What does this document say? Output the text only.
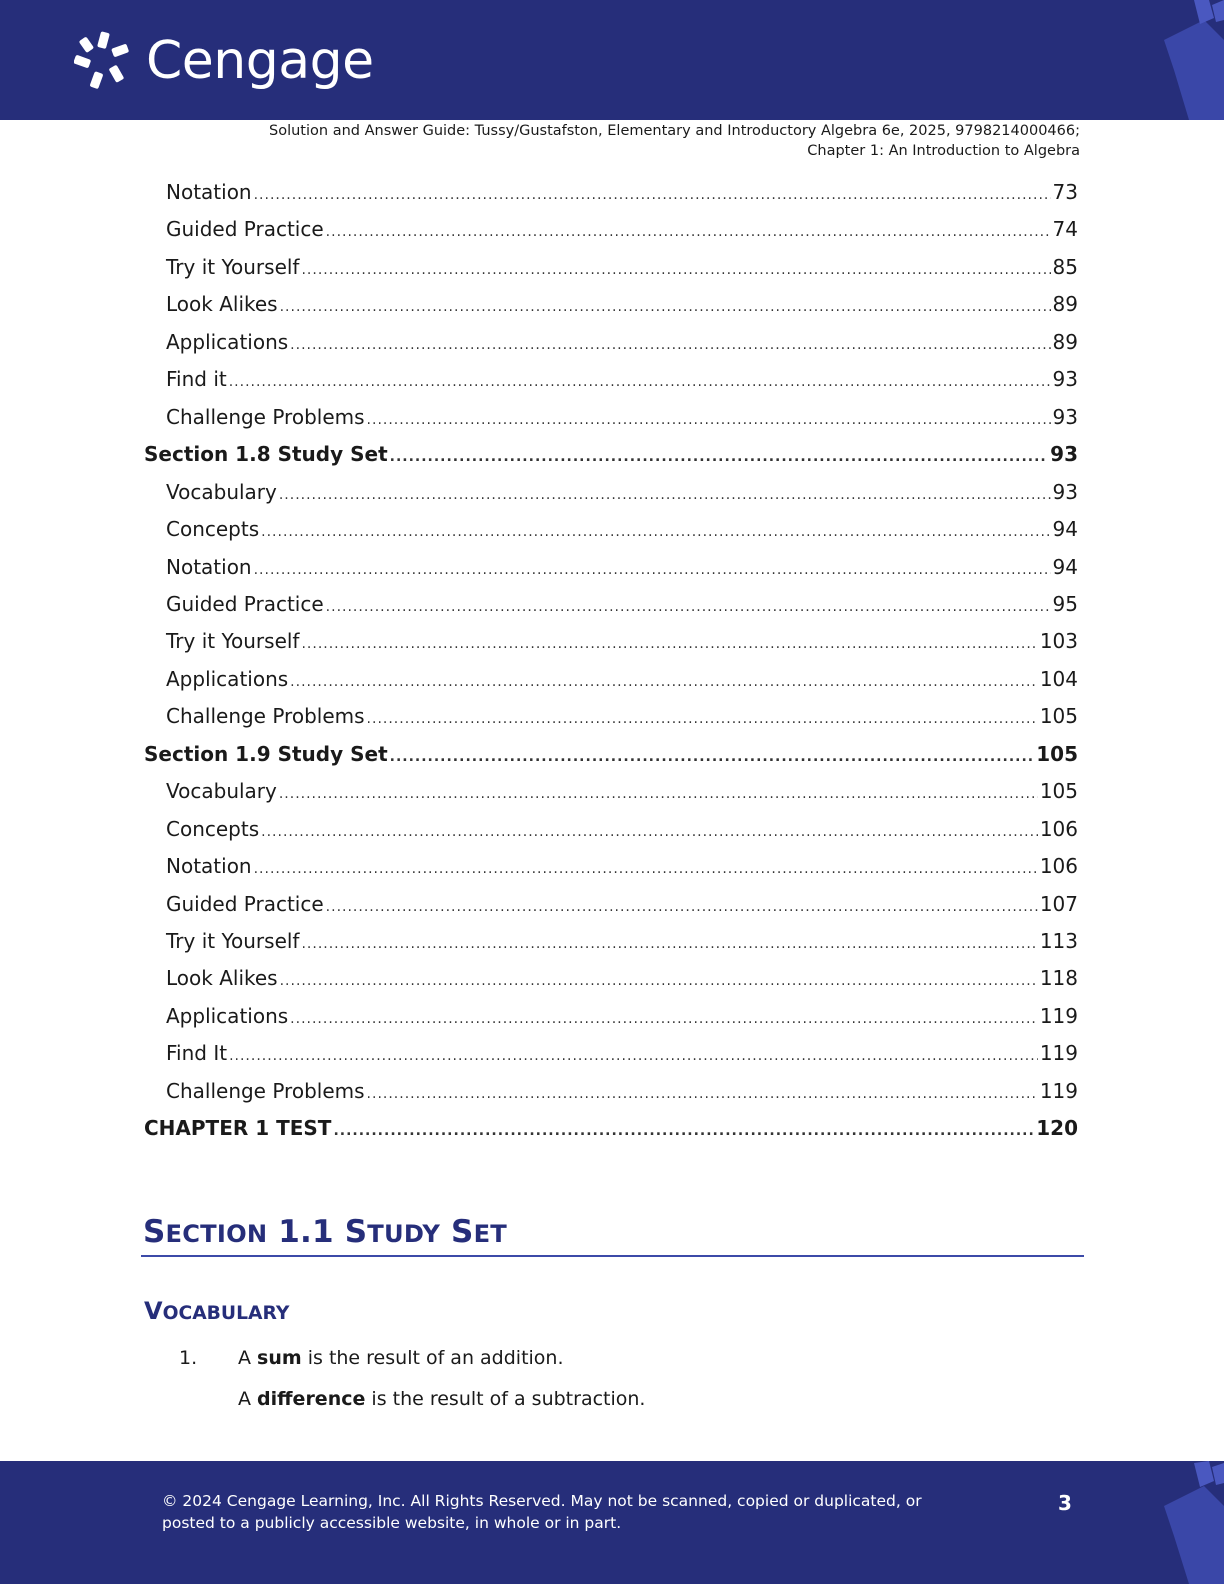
Cengage
Solution and Answer Guide: Tussy/Gustafston, Elementary and Introductory Algebra 6e, 2025, 9798214000466;
Chapter 1: An Introduction to Algebra
Notation .....	73
Guided Practice .....	74
Try it Yourself .....	85
Look Alikes .....	89
Applications .....	89
Find it .....	93
Challenge Problems .....	93
Section 1.8 Study Set .....	93
Vocabulary .....	93
Concepts .....	94
Notation .....	94
Guided Practice .....	95
Try it Yourself .....	103
Applications .....	104
Challenge Problems .....	105
Section 1.9 Study Set .....	105
Vocabulary .....	105
Concepts .....	106
Notation .....	106
Guided Practice .....	107
Try it Yourself .....	113
Look Alikes .....	118
Applications .....	119
Find It .....	119
Challenge Problems .....	119
CHAPTER 1 TEST .....	120
SECTION 1.1 STUDY SET
VOCABULARY
1. A sum is the result of an addition.
A difference is the result of a subtraction.
© 2024 Cengage Learning, Inc. All Rights Reserved. May not be scanned, copied or duplicated, or posted to a publicly accessible website, in whole or in part.
3
